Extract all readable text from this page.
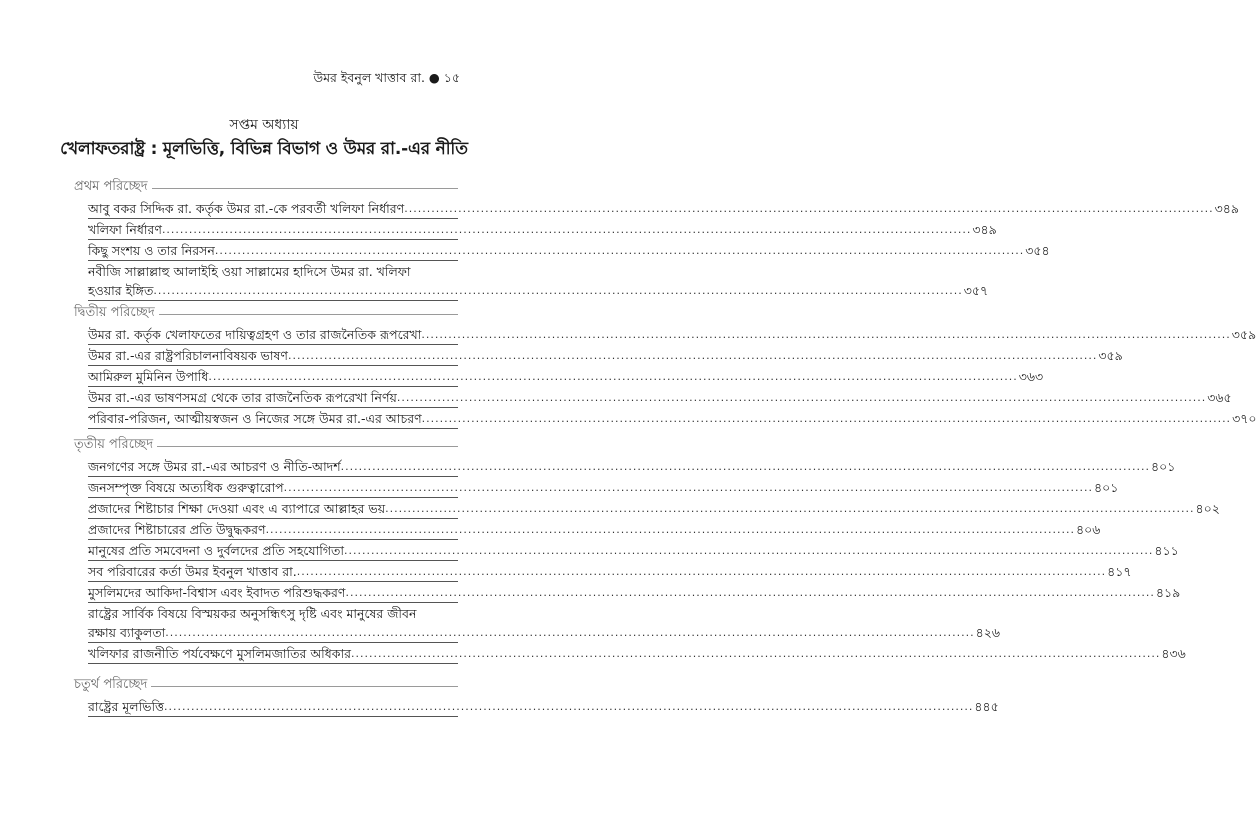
উমর ইবনুল খাত্তাব রা. ● ১৫
সপ্তম অধ্যায়
খেলাফতরাষ্ট্র : মূলভিত্তি, বিভিন্ন বিভাগ ও উমর রা.-এর নীতি
প্রথম পরিচ্ছেদ
আবু বকর সিদ্দিক রা. কর্তৃক উমর রা.-কে পরবর্তী খলিফা নির্ধারণ .....	৩৪৯
খলিফা নির্ধারণ .....	৩৪৯
কিছু সংশয় ও তার নিরসন .....	৩৫৪
নবীজি সাল্লাল্লাহু আলাইহি ওয়া সাল্লামের হাদিসে উমর রা. খলিফা
হওয়ার ইঙ্গিত .....	৩৫৭
দ্বিতীয় পরিচ্ছেদ
উমর রা. কর্তৃক খেলাফতের দায়িত্বগ্রহণ ও তার রাজনৈতিক রূপরেখা .....	৩৫৯
উমর রা.-এর রাষ্ট্রপরিচালনাবিষয়ক ভাষণ .....	৩৫৯
আমিরুল মুমিনিন উপাধি .....	৩৬৩
উমর রা.-এর ভাষণসমগ্র থেকে তার রাজনৈতিক রূপরেখা নির্ণয় .....	৩৬৫
পরিবার-পরিজন, আত্মীয়স্বজন ও নিজের সঙ্গে উমর রা.-এর আচরণ .....	৩৭০
তৃতীয় পরিচ্ছেদ
জনগণের সঙ্গে উমর রা.-এর আচরণ ও নীতি-আদর্শ .....	৪০১
জনসম্পৃক্ত বিষয়ে অত্যধিক গুরুত্বারোপ .....	৪০১
প্রজাদের শিষ্টাচার শিক্ষা দেওয়া এবং এ ব্যাপারে আল্লাহর ভয় .....	৪০২
প্রজাদের শিষ্টাচারের প্রতি উদ্বুদ্ধকরণ .....	৪০৬
মানুষের প্রতি সমবেদনা ও দুর্বলদের প্রতি সহযোগিতা .....	৪১১
সব পরিবারের কর্তা উমর ইবনুল খাত্তাব রা. .....	৪১৭
মুসলিমদের আকিদা-বিশ্বাস এবং ইবাদত পরিশুদ্ধকরণ .....	৪১৯
রাষ্ট্রের সার্বিক বিষয়ে বিস্ময়কর অনুসন্ধিৎসু দৃষ্টি এবং মানুষের জীবন
রক্ষায় ব্যাকুলতা .....	৪২৬
খলিফার রাজনীতি পর্যবেক্ষণে মুসলিমজাতির অধিকার .....	৪৩৬
চতুর্থ পরিচ্ছেদ
রাষ্ট্রের মূলভিত্তি .....	৪৪৫
